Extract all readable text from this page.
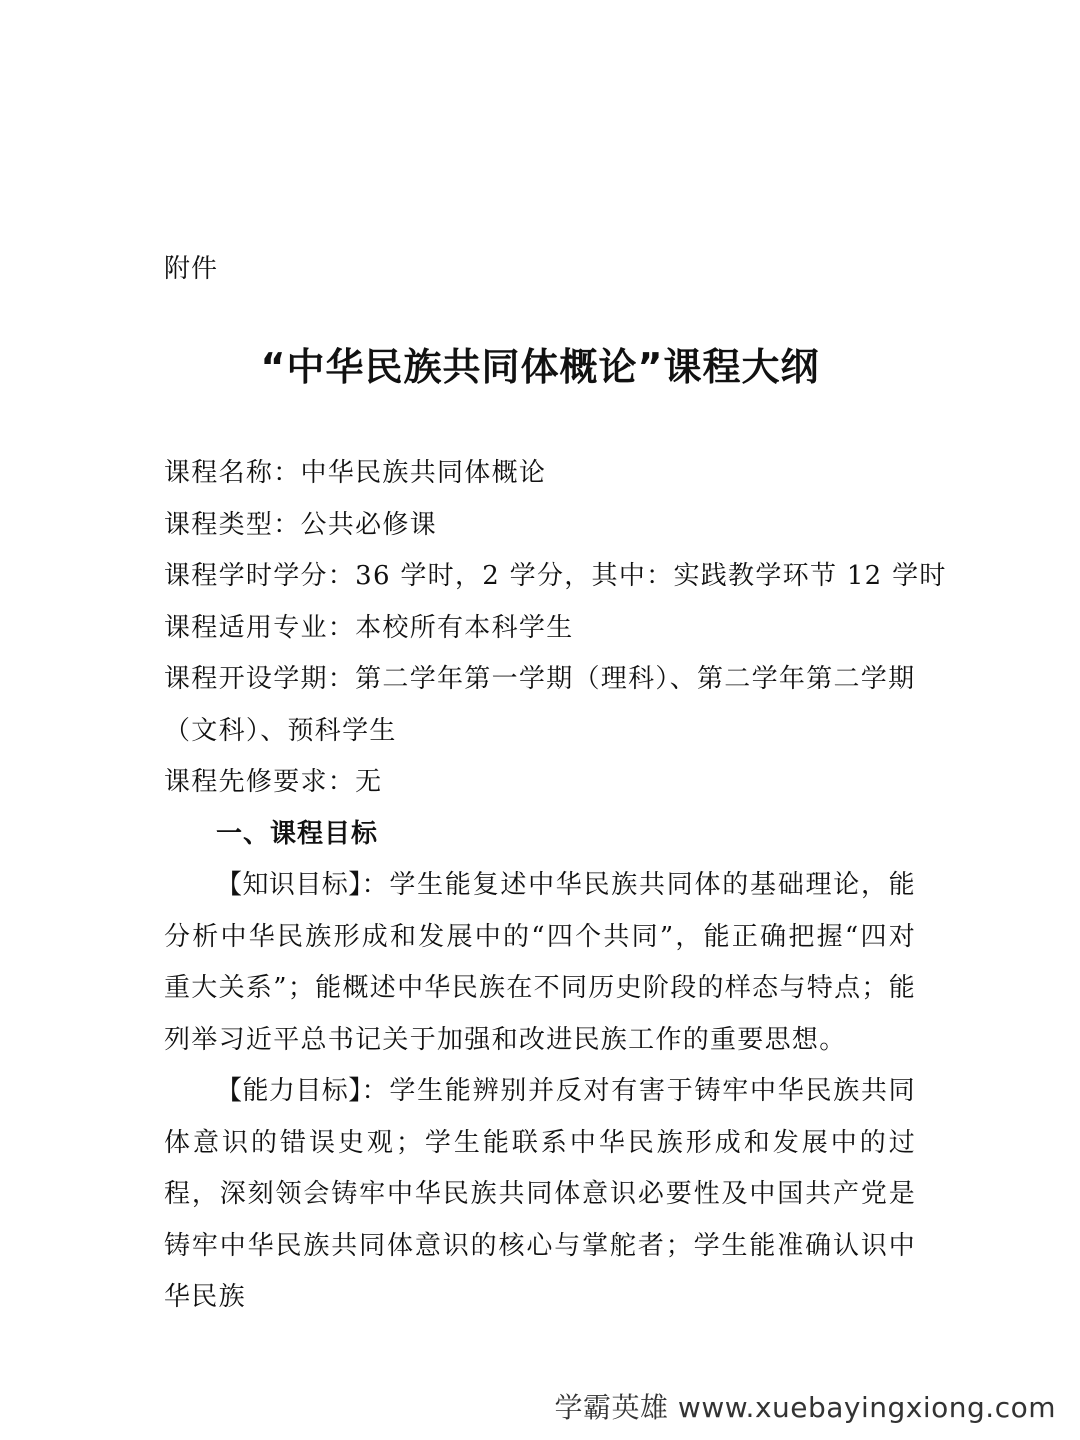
附件
“中华民族共同体概论”课程大纲
课程名称：中华民族共同体概论
课程类型：公共必修课
课程学时学分：36 学时，2 学分，其中：实践教学环节 12 学时
课程适用专业：本校所有本科学生
课程开设学期：第二学年第一学期（理科）、第二学年第二学期
（文科）、预科学生
课程先修要求：无
一、课程目标
【知识目标】：学生能复述中华民族共同体的基础理论，能分析中华民族形成和发展中的“四个共同”，能正确把握“四对重大关系”；能概述中华民族在不同历史阶段的样态与特点；能列举习近平总书记关于加强和改进民族工作的重要思想。
【能力目标】：学生能辨别并反对有害于铸牢中华民族共同体意识的错误史观；学生能联系中华民族形成和发展中的过程，深刻领会铸牢中华民族共同体意识必要性及中国共产党是铸牢中华民族共同体意识的核心与掌舵者；学生能准确认识中华民族
学霸英雄 www.xuebayingxiong.com
